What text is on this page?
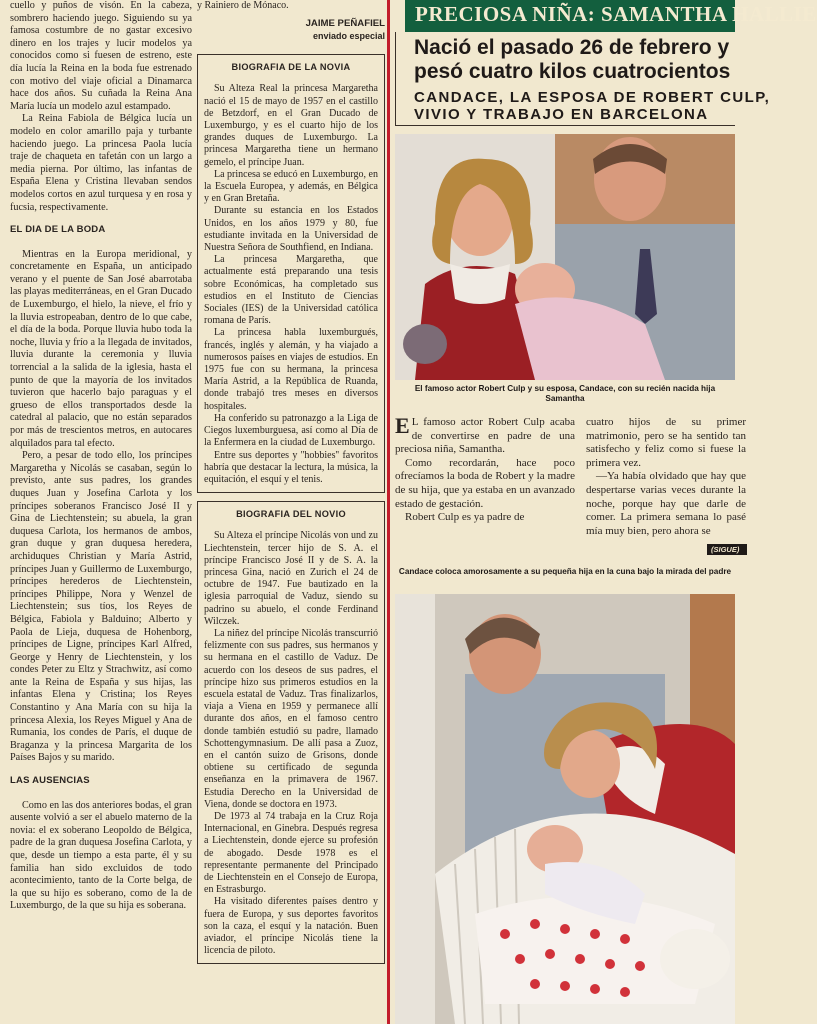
cuello y puños de visón. En la cabeza, sombrero haciendo juego. Siguiendo su ya famosa costumbre de no gastar excesivo dinero en los trajes y lucir modelos ya conocidos como si fuesen de estreno, este día lucía la Reina en la boda fue estrenado con motivo del viaje oficial a Dinamarca hace dos años. Su cuñada la Reina Ana María lucía un modelo azul estampado.

La Reina Fabiola de Bélgica lucía un modelo en color amarillo paja y turbante haciendo juego. La princesa Paola lucía traje de chaqueta en tafetán con un largo a media pierna. Por último, las infantas de España Elena y Cristina llevaban sendos modelos cortos en azul turquesa y en rosa y fucsia, respectivamente.

EL DIA DE LA BODA

Mientras en la Europa meridional, y concretamente en España, un anticipado verano y el puente de San José abarrotaba las playas mediterráneas, en el Gran Ducado de Luxemburgo, el hielo, la nieve, el frío y la lluvia estropeaban, dentro de lo que cabe, el día de la boda. Porque lluvia hubo toda la noche, lluvia y frío a la llegada de invitados, lluvia durante la ceremonia y lluvia torrencial a la salida de la iglesia, hasta el punto de que la mayoría de los invitados tuvieron que hacerlo bajo paraguas y el grueso de ellos transportados desde la catedral al palacio, que no están separados por más de trescientos metros, en autocares alquilados para tal efecto.

Pero, a pesar de todo ello, los príncipes Margaretha y Nicolás se casaban, según lo previsto, ante sus padres, los grandes duques Juan y Josefina Carlota y los príncipes soberanos Francisco José II y Gina de Liechtenstein; su abuela, la gran duquesa Carlota, los hermanos de ambos, gran duque y gran duquesa heredera, archiduques Christian y María Astrid, príncipes Juan y Guillermo de Luxemburgo, príncipes herederos de Liechtenstein, príncipes Philippe, Nora y Wenzel de Liechtenstein; sus tíos, los Reyes de Bélgica, Fabiola y Balduino; Alberto y Paola de Lieja, duquesa de Hohenborg, príncipes de Ligne, príncipes Karl Alfred, George y Henry de Liechtenstein, y los condes Peter zu Eltz y Strachwitz, así como ante la Reina de España y sus hijas, las infantas Elena y Cristina; los Reyes Constantino y Ana María con su hija la princesa Alexia, los Reyes Miguel y Ana de Rumania, los condes de París, el duque de Braganza y la princesa Margarita de los Países Bajos y su marido.

LAS AUSENCIAS

Como en las dos anteriores bodas, el gran ausente volvió a ser el abuelo materno de la novia: el ex soberano Leopoldo de Bélgica, padre de la gran duquesa Josefina Carlota, y que, desde un tiempo a esta parte, él y su familia han sido excluidos de todo acontecimiento, tanto de la Corte belga, de la que su hijo es soberano, como de la de Luxemburgo, de la que su hija es soberana.

y Rainiero de Mónaco.

JAIME PEÑAFIEL
enviado especial
BIOGRAFIA DE LA NOVIA

Su Alteza Real la princesa Margaretha nació el 15 de mayo de 1957 en el castillo de Betzdorf, en el Gran Ducado de Luxemburgo, y es el cuarto hijo de los grandes duques de Luxemburgo. La princesa Margaretha tiene un hermano gemelo, el príncipe Juan.

La princesa se educó en Luxemburgo, en la Escuela Europea, y además, en Bélgica y en Gran Bretaña.

Durante su estancia en los Estados Unidos, en los años 1979 y 80, fue estudiante invitada en la Universidad de Nuestra Señora de Southfiend, en Indiana.

La princesa Margaretha, que actualmente está preparando una tesis sobre Económicas, ha completado sus estudios en el Instituto de Ciencias Sociales (IES) de la Universidad católica romana de París.

La princesa habla luxemburgués, francés, inglés y alemán, y ha viajado a numerosos países en viajes de estudios. En 1975 fue con su hermana, la princesa María Astrid, a la República de Ruanda, donde trabajó tres meses en diversos hospitales.

Ha conferido su patronazgo a la Liga de Ciegos luxemburguesa, así como al Día de la Enfermera en la ciudad de Luxemburgo.

Entre sus deportes y ''hobbies'' favoritos habría que destacar la lectura, la música, la equitación, el esquí y el tenis.

BIOGRAFIA DEL NOVIO

Su Alteza el príncipe Nicolás von und zu Liechtenstein, tercer hijo de S. A. el príncipe Francisco José II y de S. A. la princesa Gina, nació en Zurich el 24 de octubre de 1947. Fue bautizado en la iglesia parroquial de Vaduz, siendo su padrino su abuelo, el conde Ferdinand Wilczek.

La niñez del príncipe Nicolás transcurrió felizmente con sus padres, sus hermanos y su hermana en el castillo de Vaduz. De acuerdo con los deseos de sus padres, el príncipe hizo sus primeros estudios en la escuela estatal de Vaduz. Tras finalizarlos, viaja a Viena en 1959 y permanece allí durante dos años, en el famoso centro donde también estudió su padre, llamado Schottengymnasium. De allí pasa a Zuoz, en el cantón suizo de Grisons, donde obtiene su certificado de segunda enseñanza en la primavera de 1967. Estudia Derecho en la Universidad de Viena, donde se doctora en 1973.

De 1973 al 74 trabaja en la Cruz Roja Internacional, en Ginebra. Después regresa a Liechtenstein, donde ejerce su profesión de abogado. Desde 1978 es el representante permanente del Principado de Liechtenstein en el Consejo de Europa, en Estrasburgo.

Ha visitado diferentes países dentro y fuera de Europa, y sus deportes favoritos son la caza, el esquí y la natación. Buen aviador, el príncipe Nicolás tiene la licencia de piloto.

PRECIOSA NIÑA: SAMANTHA HALLIE
Nació el pasado 26 de febrero y
pesó cuatro kilos cuatrocientos
CANDACE, LA ESPOSA DE ROBERT CULP,
VIVIO Y TRABAJO EN BARCELONA
El famoso actor Robert Culp y su esposa, Candace, con su recién nacida hija Samantha

E L famoso actor Robert Culp acaba de convertirse en padre de una preciosa niña, Samantha.

Como recordarán, hace poco ofrecíamos la boda de Robert y la madre de su hija, que ya estaba en un avanzado estado de gestación.

Robert Culp es ya padre de

cuatro hijos de su primer matrimonio, pero se ha sentido tan satisfecho y feliz como si fuese la primera vez.

—Ya había olvidado que hay que despertarse varias veces durante la noche, porque hay que darle de comer. La primera semana lo pasé mía muy bien, pero ahora se

(SIGUE)
Candace coloca amorosamente a su pequeña hija en la cuna bajo la mirada del padre
